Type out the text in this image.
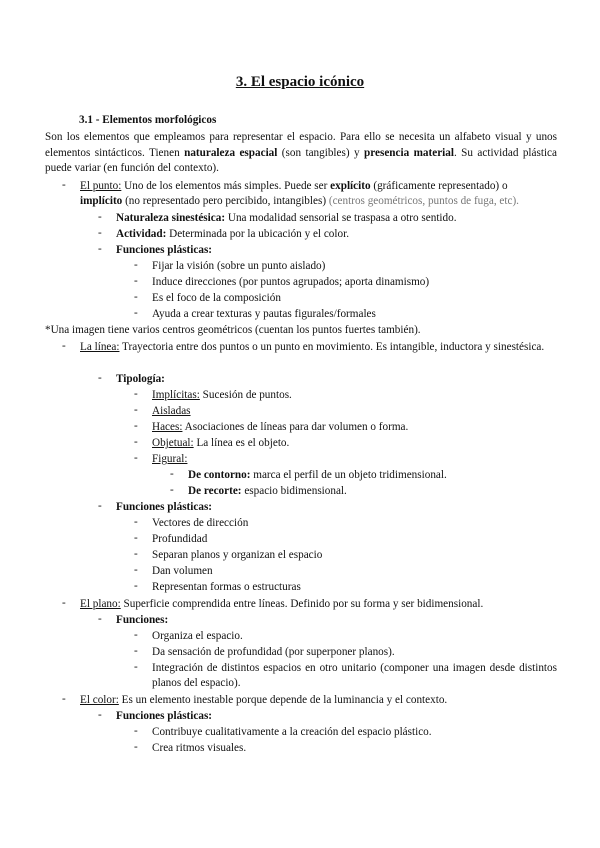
3. El espacio icónico
3.1 - Elementos morfológicos
Son los elementos que empleamos para representar el espacio. Para ello se necesita un alfabeto visual y unos elementos sintácticos. Tienen naturaleza espacial (son tangibles) y presencia material. Su actividad plástica puede variar (en función del contexto).
- El punto: Uno de los elementos más simples. Puede ser explícito (gráficamente representado) o
implícito (no representado pero percibido, intangibles) (centros geométricos, puntos de fuga, etc).
- Naturaleza sinestésica: Una modalidad sensorial se traspasa a otro sentido.
- Actividad: Determinada por la ubicación y el color.
- Funciones plásticas:
- Fijar la visión (sobre un punto aislado)
- Induce direcciones (por puntos agrupados; aporta dinamismo)
- Es el foco de la composición
- Ayuda a crear texturas y pautas figurales/formales
*Una imagen tiene varios centros geométricos (cuentan los puntos fuertes también).
- La línea: Trayectoria entre dos puntos o un punto en movimiento. Es intangible, inductora y sinestésica.
- Tipología:
- Implícitas: Sucesión de puntos.
- Aisladas
- Haces: Asociaciones de líneas para dar volumen o forma.
- Objetual: La línea es el objeto.
- Figural:
- De contorno: marca el perfil de un objeto tridimensional.
- De recorte: espacio bidimensional.
- Funciones plásticas:
- Vectores de dirección
- Profundidad
- Separan planos y organizan el espacio
- Dan volumen
- Representan formas o estructuras
- El plano: Superficie comprendida entre líneas. Definido por su forma y ser bidimensional.
- Funciones:
- Organiza el espacio.
- Da sensación de profundidad (por superponer planos).
- Integración de distintos espacios en otro unitario (componer una imagen desde distintos planos del espacio).
- El color: Es un elemento inestable porque depende de la luminancia y el contexto.
- Funciones plásticas:
- Contribuye cualitativamente a la creación del espacio plástico.
- Crea ritmos visuales.
